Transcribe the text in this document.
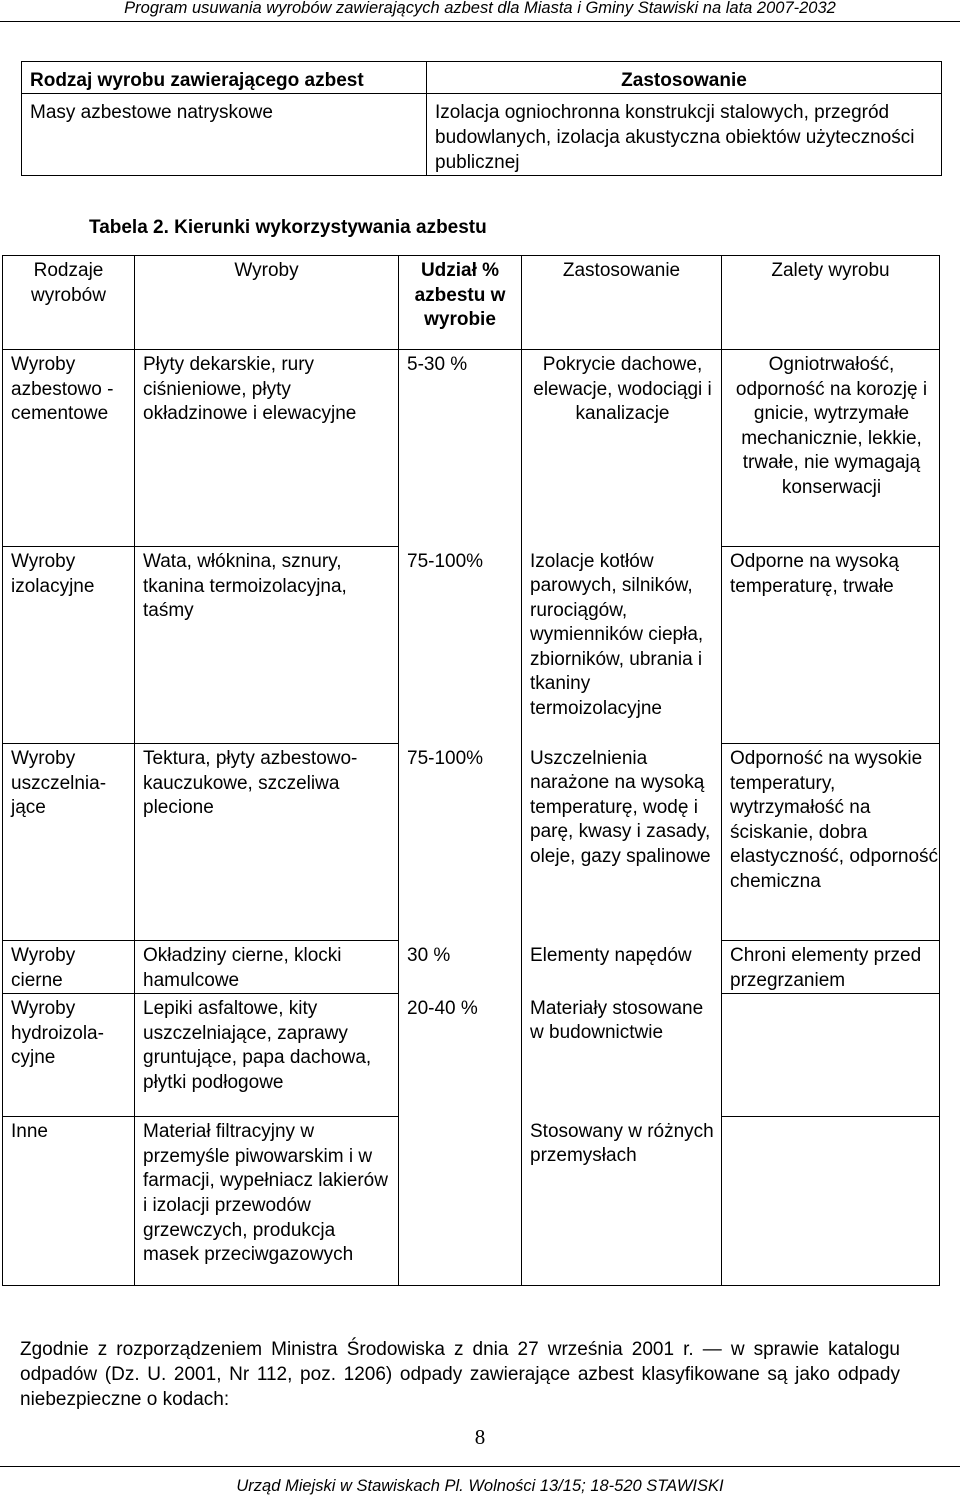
Program usuwania wyrobów zawierających azbest dla Miasta i Gminy Stawiski na lata 2007-2032
Rodzaj wyrobu zawierającego azbest	Zastosowanie
Masy azbestowe natryskowe	Izolacja ogniochronna konstrukcji stalowych, przegród budowlanych, izolacja akustyczna obiektów użyteczności publicznej
Tabela 2. Kierunki wykorzystywania azbestu
Rodzaje wyrobów	Wyroby	Udział % azbestu w wyrobie	Zastosowanie	Zalety wyrobu
Wyroby azbestowo - cementowe	Płyty dekarskie, rury ciśnieniowe, płyty okładzinowe i elewacyjne	5-30 %	Pokrycie dachowe, elewacje, wodociągi i kanalizacje	Ogniotrwałość, odporność na korozję i gnicie, wytrzymałe mechanicznie, lekkie, trwałe, nie wymagają konserwacji
Wyroby izolacyjne	Wata, włóknina, sznury, tkanina termoizolacyjna, taśmy	75-100%	Izolacje kotłów parowych, silników, rurociągów, wymienników ciepła, zbiorników, ubrania i tkaniny termoizolacyjne	Odporne na wysoką temperaturę, trwałe
Wyroby uszczelnia-jące	Tektura, płyty azbestowo-kauczukowe, szczeliwa plecione	75-100%	Uszczelnienia narażone na wysoką temperaturę, wodę i parę, kwasy i zasady, oleje, gazy spalinowe	Odporność na wysokie temperatury, wytrzymałość na ściskanie, dobra elastyczność, odporność chemiczna
Wyroby cierne	Okładziny cierne, klocki hamulcowe	30 %	Elementy napędów	Chroni elementy przed przegrzaniem
Wyroby hydroizola-cyjne	Lepiki asfaltowe, kity uszczelniające, zaprawy gruntujące, papa dachowa, płytki podłogowe	20-40 %	Materiały stosowane w budownictwie	
Inne	Materiał filtracyjny w przemyśle piwowarskim i w farmacji, wypełniacz lakierów i izolacji przewodów grzewczych, produkcja masek przeciwgazowych		Stosowany w różnych przemysłach	
Zgodnie z rozporządzeniem Ministra Środowiska z dnia 27 września 2001 r. — w sprawie katalogu odpadów (Dz. U. 2001, Nr 112, poz. 1206) odpady zawierające azbest klasyfikowane są jako odpady niebezpieczne o kodach:
8
Urząd Miejski w Stawiskach Pl. Wolności 13/15; 18-520 STAWISKI
